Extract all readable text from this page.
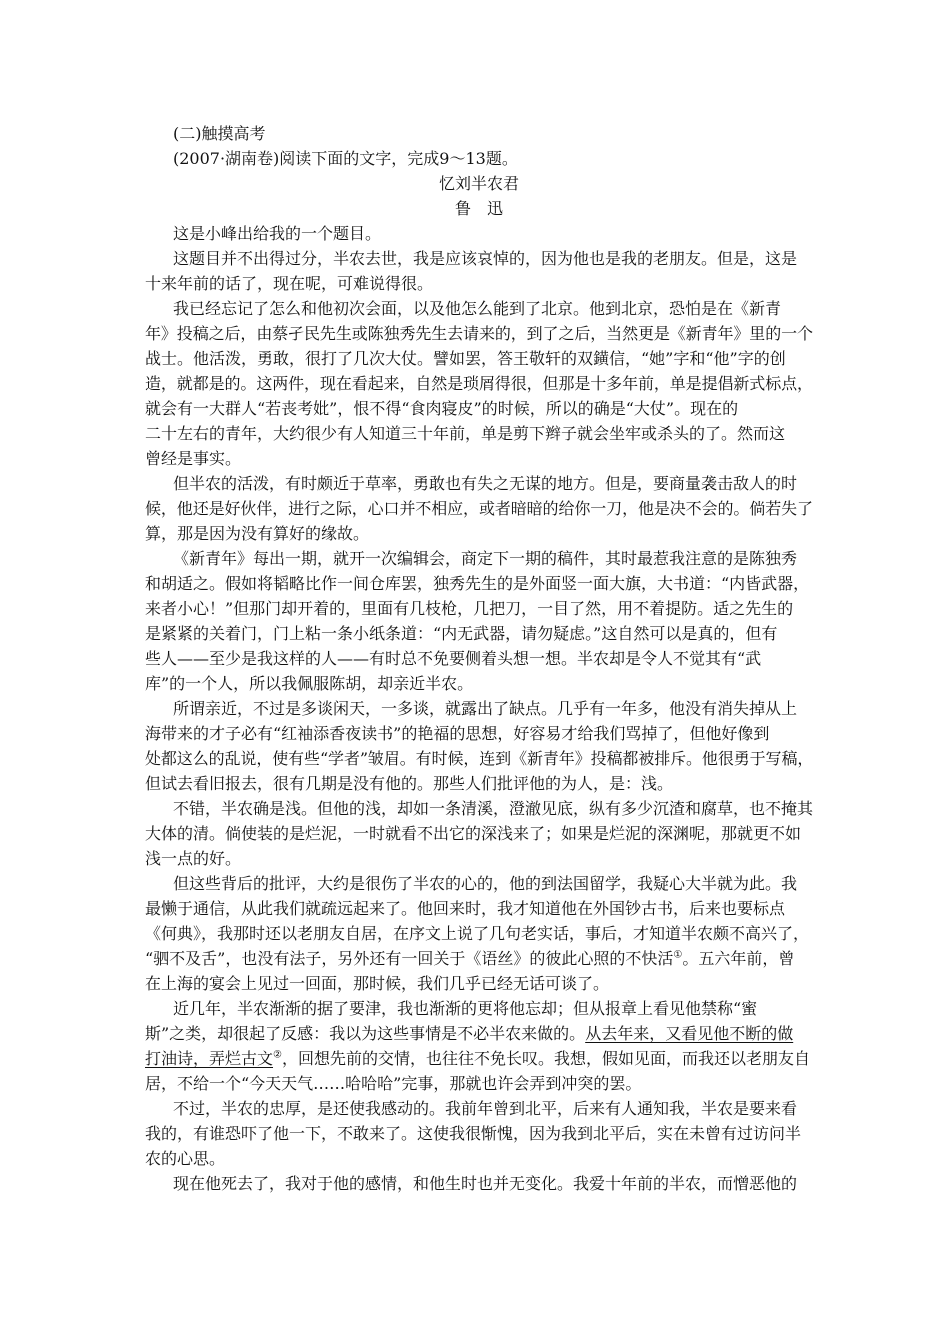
(二)触摸高考
(2007·湖南卷)阅读下面的文字，完成9～13题。
忆刘半农君
鲁　迅
这是小峰出给我的一个题目。
这题目并不出得过分，半农去世，我是应该哀悼的，因为他也是我的老朋友。但是，这是
十来年前的话了，现在呢，可难说得很。
我已经忘记了怎么和他初次会面，以及他怎么能到了北京。他到北京，恐怕是在《新青
年》投稿之后，由蔡孑民先生或陈独秀先生去请来的，到了之后，当然更是《新青年》里的一个
战士。他活泼，勇敢，很打了几次大仗。譬如罢，答王敬轩的双鐄信，“她”字和“他”字的创
造，就都是的。这两件，现在看起来，自然是琐屑得很，但那是十多年前，单是提倡新式标点，
就会有一大群人“若丧考妣”，恨不得“食肉寝皮”的时候，所以的确是“大仗”。现在的
二十左右的青年，大约很少有人知道三十年前，单是剪下辫子就会坐牢或杀头的了。然而这
曾经是事实。
但半农的活泼，有时颇近于草率，勇敢也有失之无谋的地方。但是，要商量袭击敌人的时
候，他还是好伙伴，进行之际，心口并不相应，或者暗暗的给你一刀，他是决不会的。倘若失了
算，那是因为没有算好的缘故。
《新青年》每出一期，就开一次编辑会，商定下一期的稿件，其时最惹我注意的是陈独秀
和胡适之。假如将韬略比作一间仓库罢，独秀先生的是外面竖一面大旗，大书道：“内皆武器，
来者小心！”但那门却开着的，里面有几枝枪，几把刀，一目了然，用不着提防。适之先生的
是紧紧的关着门，门上粘一条小纸条道：“内无武器，请勿疑虑。”这自然可以是真的，但有
些人——至少是我这样的人——有时总不免要侧着头想一想。半农却是令人不觉其有“武
库”的一个人，所以我佩服陈胡，却亲近半农。
所谓亲近，不过是多谈闲天，一多谈，就露出了缺点。几乎有一年多，他没有消失掉从上
海带来的才子必有“红袖添香夜读书”的艳福的思想，好容易才给我们骂掉了，但他好像到
处都这么的乱说，使有些“学者”皱眉。有时候，连到《新青年》投稿都被排斥。他很勇于写稿，
但试去看旧报去，很有几期是没有他的。那些人们批评他的为人，是：浅。
不错，半农确是浅。但他的浅，却如一条清溪，澄澈见底，纵有多少沉渣和腐草，也不掩其
大体的清。倘使装的是烂泥，一时就看不出它的深浅来了；如果是烂泥的深渊呢，那就更不如
浅一点的好。
但这些背后的批评，大约是很伤了半农的心的，他的到法国留学，我疑心大半就为此。我
最懒于通信，从此我们就疏远起来了。他回来时，我才知道他在外国钞古书，后来也要标点
《何典》，我那时还以老朋友自居，在序文上说了几句老实话，事后，才知道半农颇不高兴了，
“驷不及舌”，也没有法子，另外还有一回关于《语丝》的彼此心照的不快活①。五六年前，曾
在上海的宴会上见过一回面，那时候，我们几乎已经无话可谈了。
近几年，半农渐渐的据了要津，我也渐渐的更将他忘却；但从报章上看见他禁称“蜜
斯”之类，却很起了反感：我以为这些事情是不必半农来做的。从去年来，又看见他不断的做
打油诗，弄烂古文②，回想先前的交情，也往往不免长叹。我想，假如见面，而我还以老朋友自
居，不给一个“今天天气……哈哈哈”完事，那就也许会弄到冲突的罢。
不过，半农的忠厚，是还使我感动的。我前年曾到北平，后来有人通知我，半农是要来看
我的，有谁恐吓了他一下，不敢来了。这使我很惭愧，因为我到北平后，实在未曾有过访问半
农的心思。
现在他死去了，我对于他的感情，和他生时也并无变化。我爱十年前的半农，而憎恶他的
